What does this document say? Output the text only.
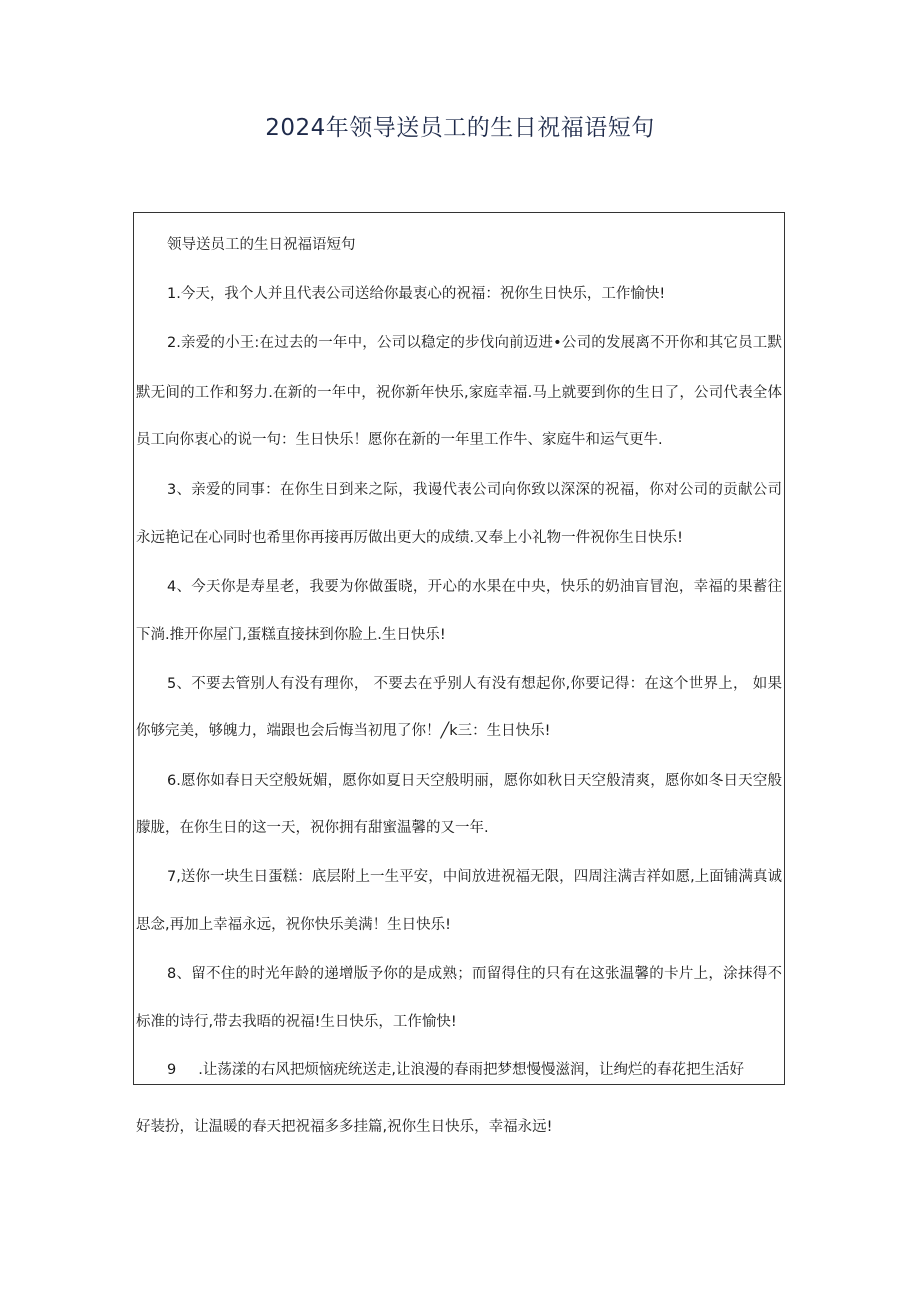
2024年领导送员工的生日祝福语短句
领导送员工的生日祝福语短句
1.今天，我个人并且代表公司送给你最衷心的祝福：祝你生日快乐，工作愉快!
2.亲爱的小王:在过去的一年中，公司以稳定的步伐向前迈进•公司的发展离不开你和其它员工默
默无间的工作和努力.在新的一年中，祝你新年快乐,家庭幸福.马上就要到你的生日了，公司代表全体
员工向你衷心的说一句：生日快乐！愿你在新的一年里工作牛、家庭牛和运气更牛.
3、亲爱的同事：在你生日到来之际，我谩代表公司向你致以深深的祝福，你对公司的贡献公司
永远艳记在心同时也希里你再接再厉做出更大的成绩.又奉上小礼物一件祝你生日快乐!
4、今天你是寿星老，我要为你做蛋晓，开心的水果在中央，快乐的奶油盲冒泡，幸福的果蓄往
下淌.推开你屋门,蛋糕直接抹到你脸上.生日快乐!
5、不要去管别人有没有理你， 不要去在乎别人有没有想起你,你要记得：在这个世界上， 如果
你够完美，够魄力，端跟也会后悔当初甩了你！╱k三：生日快乐!
6.愿你如春日天空般妩媚，愿你如夏日天空般明丽，愿你如秋日天空般清爽，愿你如冬日天空般
朦胧，在你生日的这一天，祝你拥有甜蜜温馨的又一年.
7,送你一块生日蛋糕：底层附上一生平安，中间放进祝福无限，四周注满吉祥如愿,上面铺满真诚
思念,再加上幸福永远，祝你快乐美满！生日快乐!
8、留不住的时光年龄的递增版予你的是成熟；而留得住的只有在这张温馨的卡片上，涂抹得不
标准的诗行,带去我晤的祝福!生日快乐，工作愉快!
9 .让荡漾的右风把烦恼疣统送走,让浪漫的春雨把梦想慢慢滋润，让绚烂的春花把生活好
好装扮，让温暖的春天把祝福多多挂篇,祝你生日快乐，幸福永远!
